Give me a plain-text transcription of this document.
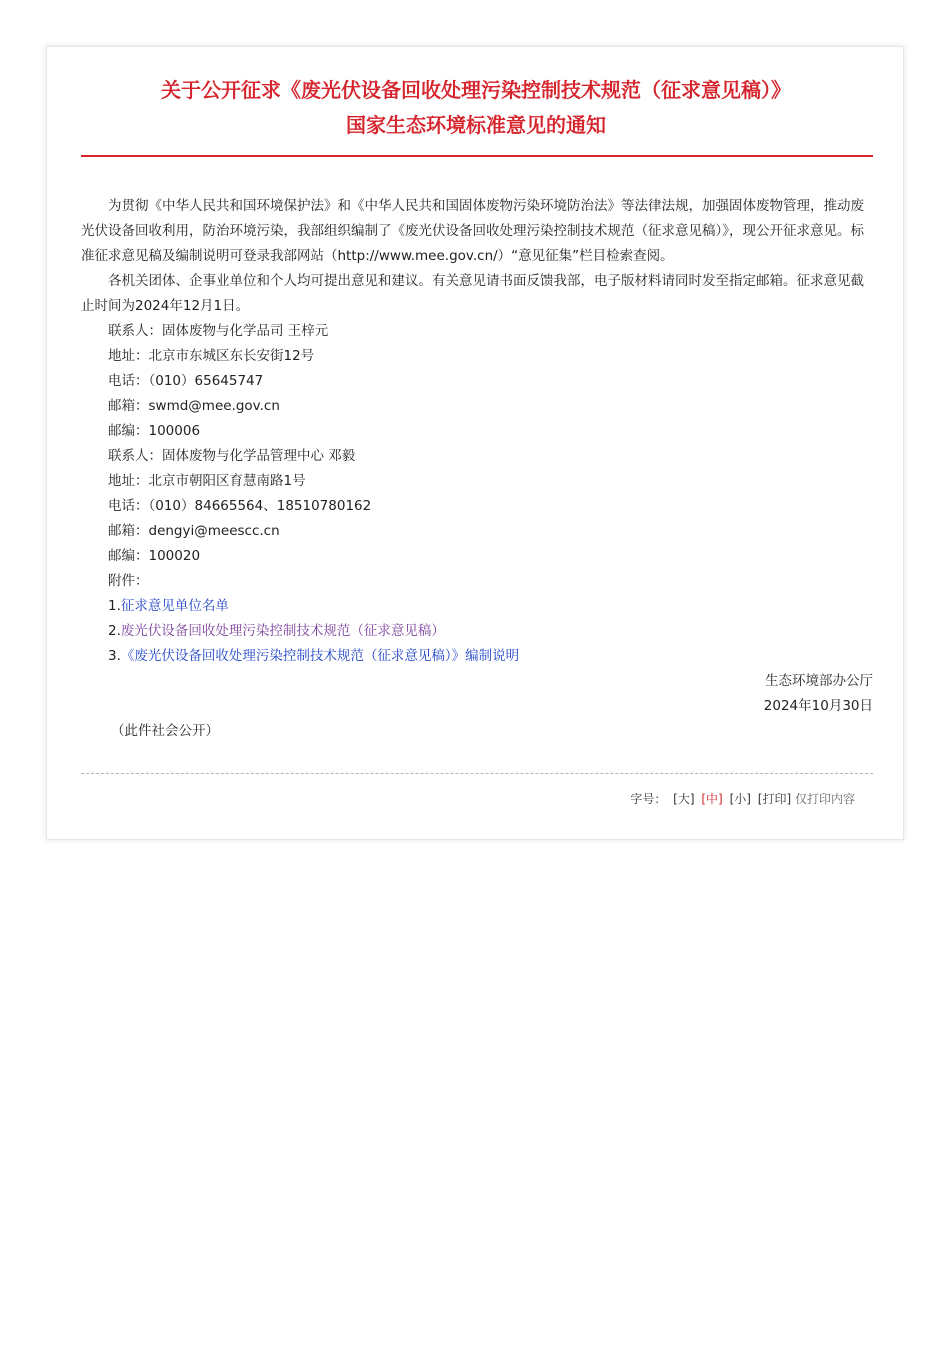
关于公开征求《废光伏设备回收处理污染控制技术规范（征求意见稿）》
国家生态环境标准意见的通知

为贯彻《中华人民共和国环境保护法》和《中华人民共和国固体废物污染环境防治法》等法律法规，加强固体废物管理，推动废光伏设备回收利用，防治环境污染，我部组织编制了《废光伏设备回收处理污染控制技术规范（征求意见稿）》，现公开征求意见。标准征求意见稿及编制说明可登录我部网站（http://www.mee.gov.cn/）“意见征集”栏目检索查阅。

各机关团体、企事业单位和个人均可提出意见和建议。有关意见请书面反馈我部，电子版材料请同时发至指定邮箱。征求意见截止时间为2024年12月1日。

联系人：固体废物与化学品司 王梓元

地址：北京市东城区东长安街12号

电话：（010）65645747

邮箱：swmd@mee.gov.cn

邮编：100006

联系人：固体废物与化学品管理中心 邓毅

地址：北京市朝阳区育慧南路1号

电话：（010）84665564、18510780162

邮箱：dengyi@meescc.cn

邮编：100020

附件：

1.征求意见单位名单

2.废光伏设备回收处理污染控制技术规范（征求意见稿）

3.《废光伏设备回收处理污染控制技术规范（征求意见稿）》编制说明

生态环境部办公厅

2024年10月30日

（此件社会公开）

字号： [大] [中] [小] [打印] 仅打印内容
